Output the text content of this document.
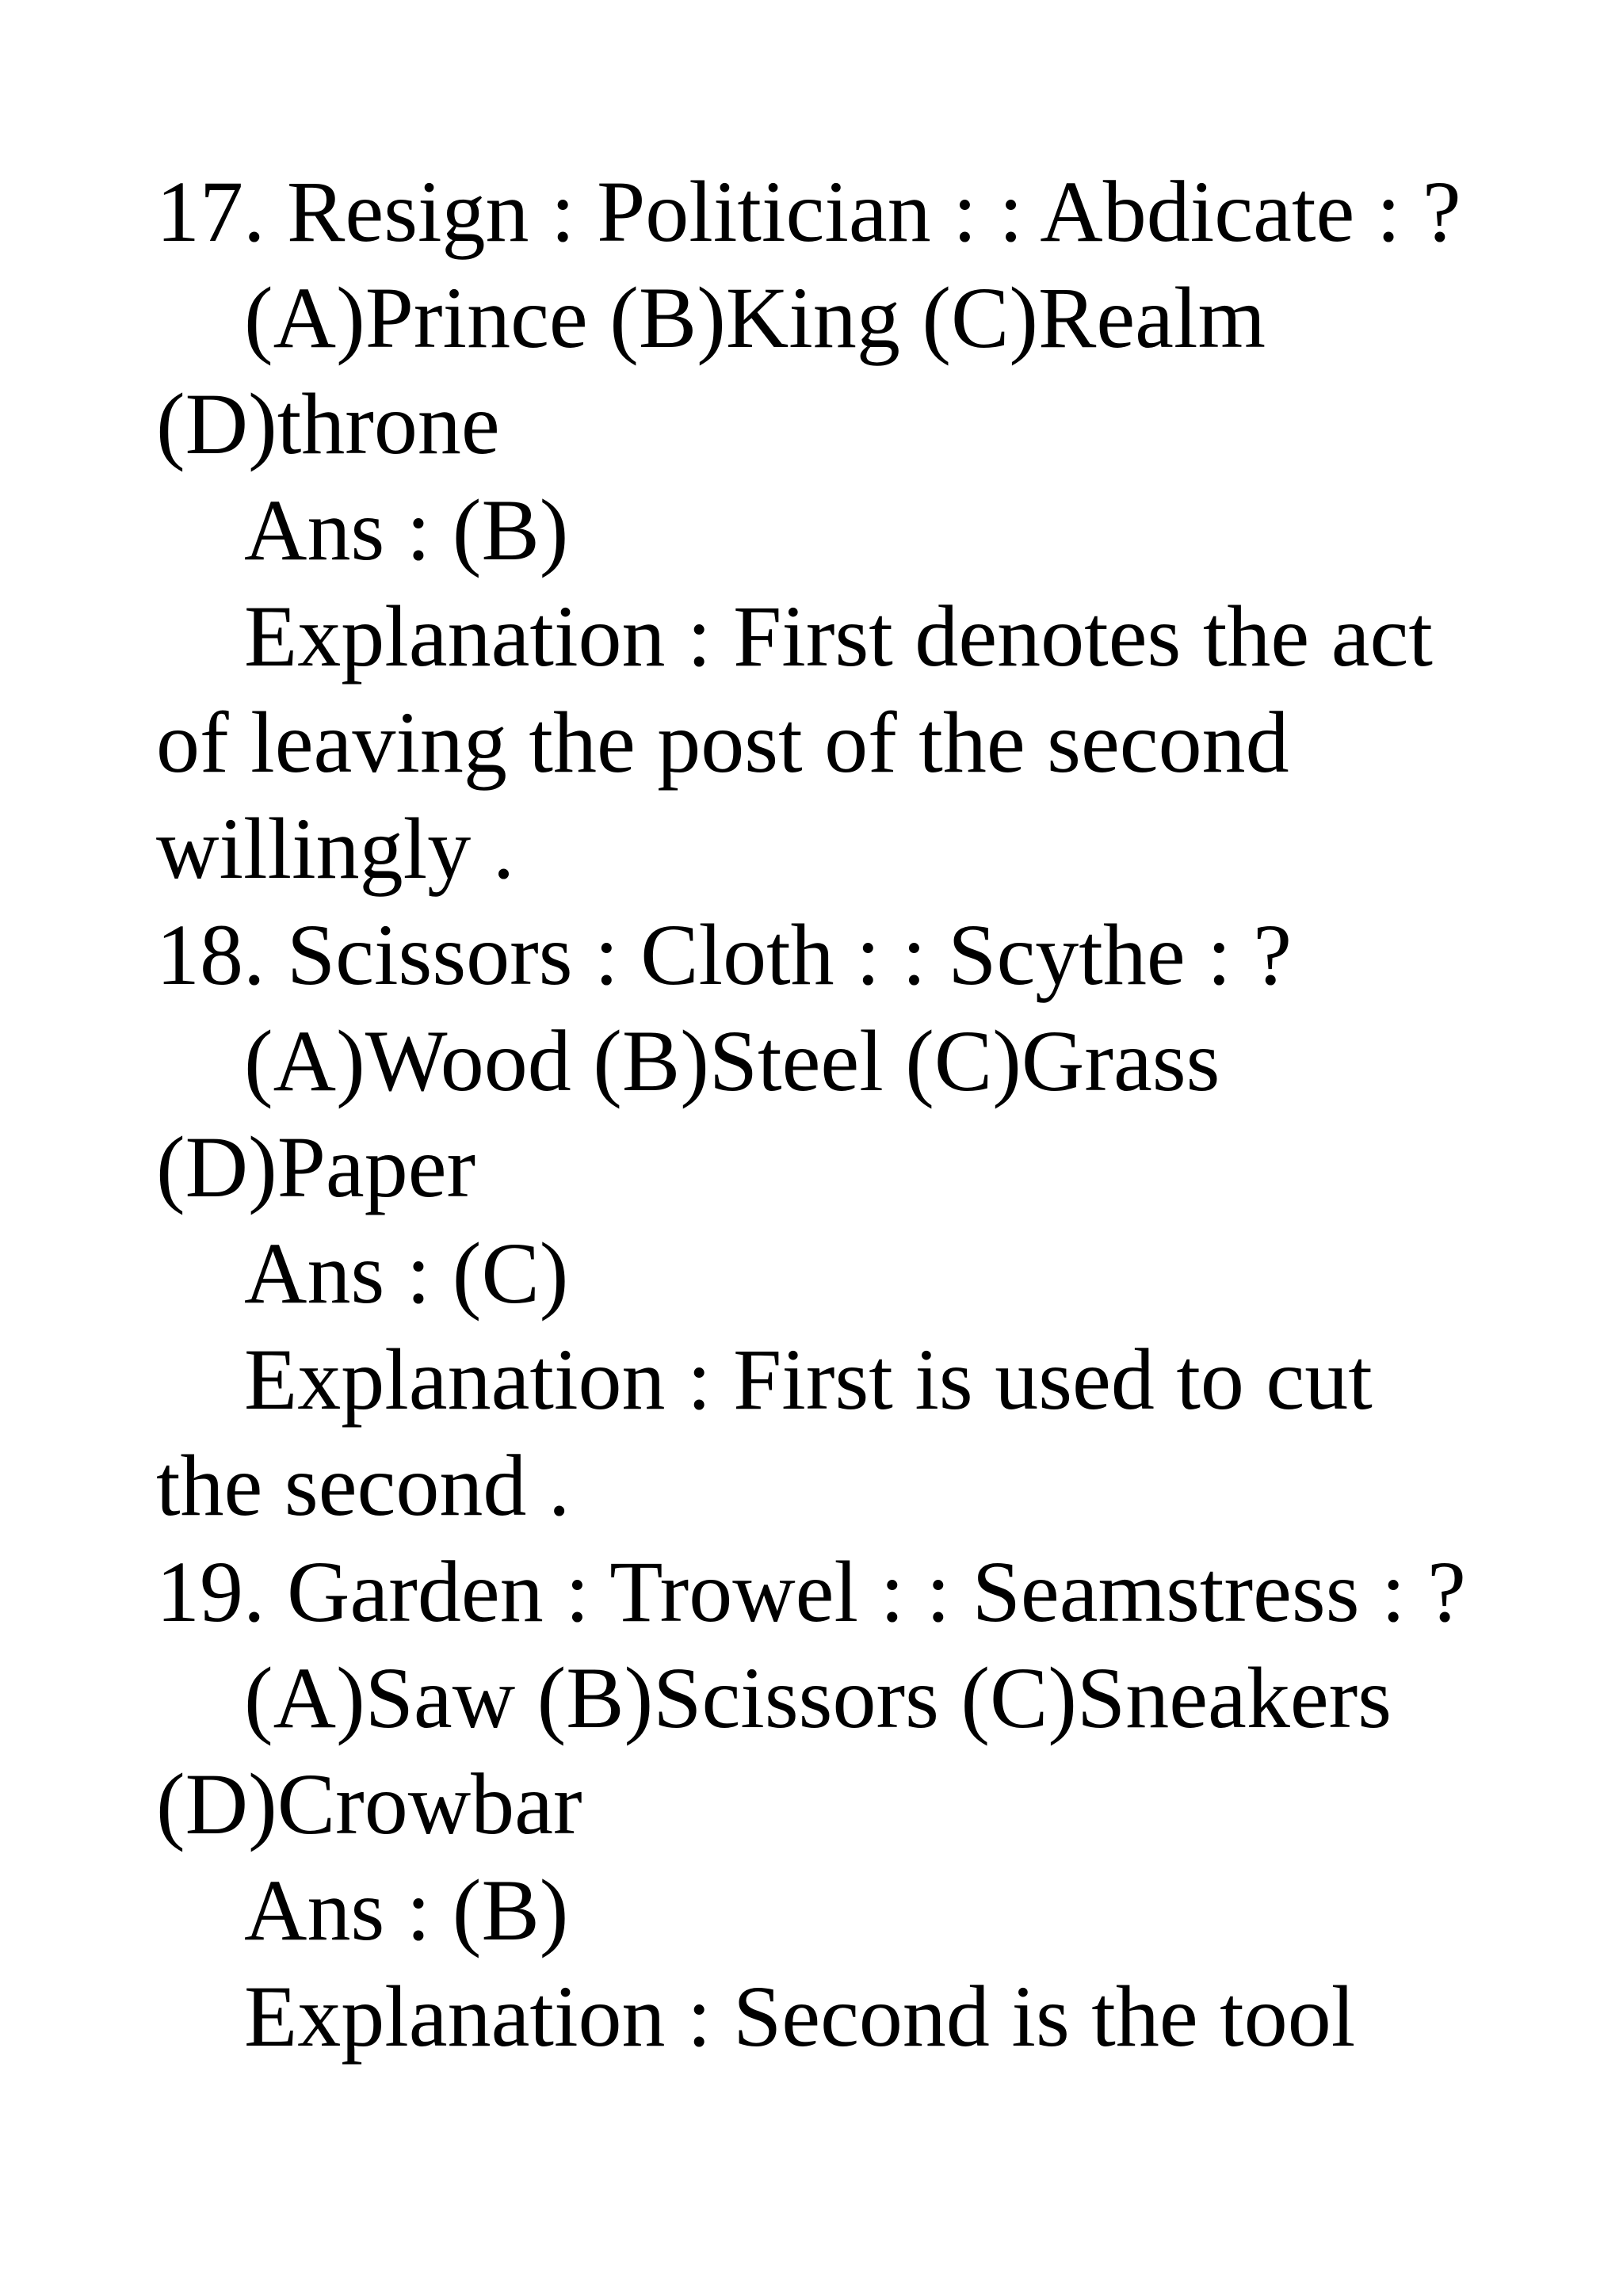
17. Resign : Politician : : Abdicate : ?
(A)Prince (B)King (C)Realm
(D)throne
Ans : (B)
Explanation : First denotes the act
of leaving the post of the second
willingly .
18. Scissors : Cloth : : Scythe : ?
(A)Wood (B)Steel (C)Grass
(D)Paper
Ans : (C)
Explanation : First is used to cut
the second .
19. Garden : Trowel : : Seamstress : ?
(A)Saw (B)Scissors (C)Sneakers
(D)Crowbar
Ans : (B)
Explanation : Second is the tool
